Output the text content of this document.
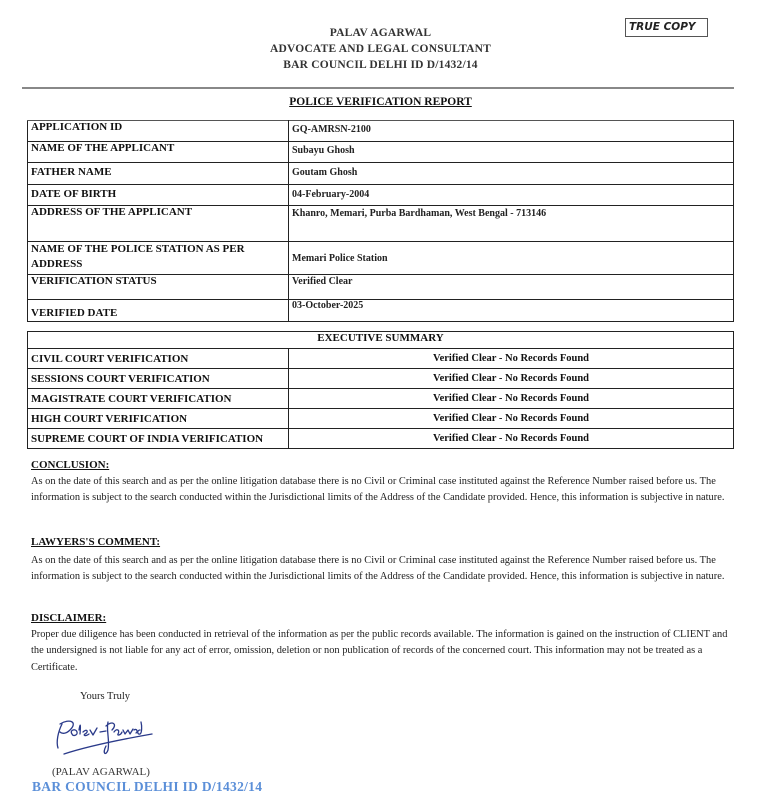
PALAV AGARWAL
ADVOCATE AND LEGAL CONSULTANT
BAR COUNCIL DELHI ID D/1432/14
TRUE COPY
POLICE VERIFICATION REPORT
APPLICATION ID	GQ-AMRSN-2100
NAME OF THE APPLICANT	Subayu Ghosh
FATHER NAME	Goutam Ghosh
DATE OF BIRTH	04-February-2004
ADDRESS OF THE APPLICANT	Khanro, Memari, Purba Bardhaman, West Bengal - 713146
NAME OF THE POLICE STATION AS PER ADDRESS	Memari Police Station
VERIFICATION STATUS	Verified Clear
VERIFIED DATE	03-October-2025
EXECUTIVE SUMMARY	
CIVIL COURT VERIFICATION	Verified Clear - No Records Found
SESSIONS COURT VERIFICATION	Verified Clear - No Records Found
MAGISTRATE COURT VERIFICATION	Verified Clear - No Records Found
HIGH COURT VERIFICATION	Verified Clear - No Records Found
SUPREME COURT OF INDIA VERIFICATION	Verified Clear - No Records Found
CONCLUSION:
As on the date of this search and as per the online litigation database there is no Civil or Criminal case instituted against the Reference Number raised before us. The information is subject to the search conducted within the Jurisdictional limits of the Address of the Candidate provided. Hence, this information is subjective in nature.
LAWYERS'S COMMENT:
As on the date of this search and as per the online litigation database there is no Civil or Criminal case instituted against the Reference Number raised before us. The information is subject to the search conducted within the Jurisdictional limits of the Address of the Candidate provided. Hence, this information is subjective in nature.
DISCLAIMER:
Proper due diligence has been conducted in retrieval of the information as per the public records available. The information is gained on the instruction of CLIENT and the undersigned is not liable for any act of error, omission, deletion or non publication of records of the concerned court. This information may not be treated as a Certificate.
Yours Truly
(PALAV AGARWAL)
BAR COUNCIL DELHI ID D/1432/14
